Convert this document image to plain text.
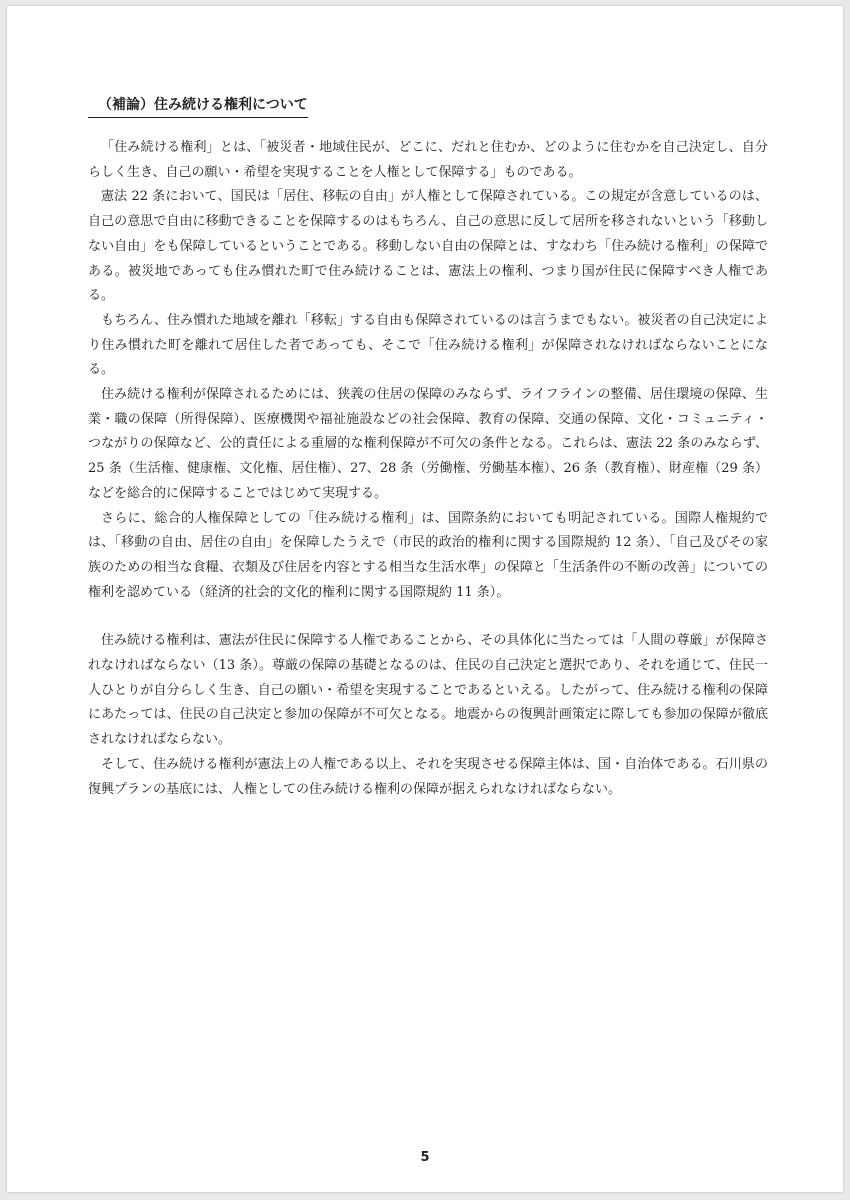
（補論）住み続ける権利について

「住み続ける権利」とは、「被災者・地域住民が、どこに、だれと住むか、どのように住むかを自己決定し、自分らしく生き、自己の願い・希望を実現することを人権として保障する」ものである。

憲法 22 条において、国民は「居住、移転の自由」が人権として保障されている。この規定が含意しているのは、自己の意思で自由に移動できることを保障するのはもちろん、自己の意思に反して居所を移されないという「移動しない自由」をも保障しているということである。移動しない自由の保障とは、すなわち「住み続ける権利」の保障である。被災地であっても住み慣れた町で住み続けることは、憲法上の権利、つまり国が住民に保障すべき人権である。

もちろん、住み慣れた地域を離れ「移転」する自由も保障されているのは言うまでもない。被災者の自己決定により住み慣れた町を離れて居住した者であっても、そこで「住み続ける権利」が保障されなければならないことになる。

住み続ける権利が保障されるためには、狭義の住居の保障のみならず、ライフラインの整備、居住環境の保障、生業・職の保障（所得保障）、医療機関や福祉施設などの社会保障、教育の保障、交通の保障、文化・コミュニティ・つながりの保障など、公的責任による重層的な権利保障が不可欠の条件となる。これらは、憲法 22 条のみならず、25 条（生活権、健康権、文化権、居住権）、27、28 条（労働権、労働基本権）、26 条（教育権）、財産権（29 条）などを総合的に保障することではじめて実現する。

さらに、総合的人権保障としての「住み続ける権利」は、国際条約においても明記されている。国際人権規約では、「移動の自由、居住の自由」を保障したうえで（市民的政治的権利に関する国際規約 12 条）、「自己及びその家族のための相当な食糧、衣類及び住居を内容とする相当な生活水準」の保障と「生活条件の不断の改善」についての権利を認めている（経済的社会的文化的権利に関する国際規約 11 条）。

住み続ける権利は、憲法が住民に保障する人権であることから、その具体化に当たっては「人間の尊厳」が保障されなければならない（13 条）。尊厳の保障の基礎となるのは、住民の自己決定と選択であり、それを通じて、住民一人ひとりが自分らしく生き、自己の願い・希望を実現することであるといえる。したがって、住み続ける権利の保障にあたっては、住民の自己決定と参加の保障が不可欠となる。地震からの復興計画策定に際しても参加の保障が徹底されなければならない。

そして、住み続ける権利が憲法上の人権である以上、それを実現させる保障主体は、国・自治体である。石川県の復興プランの基底には、人権としての住み続ける権利の保障が据えられなければならない。

5
